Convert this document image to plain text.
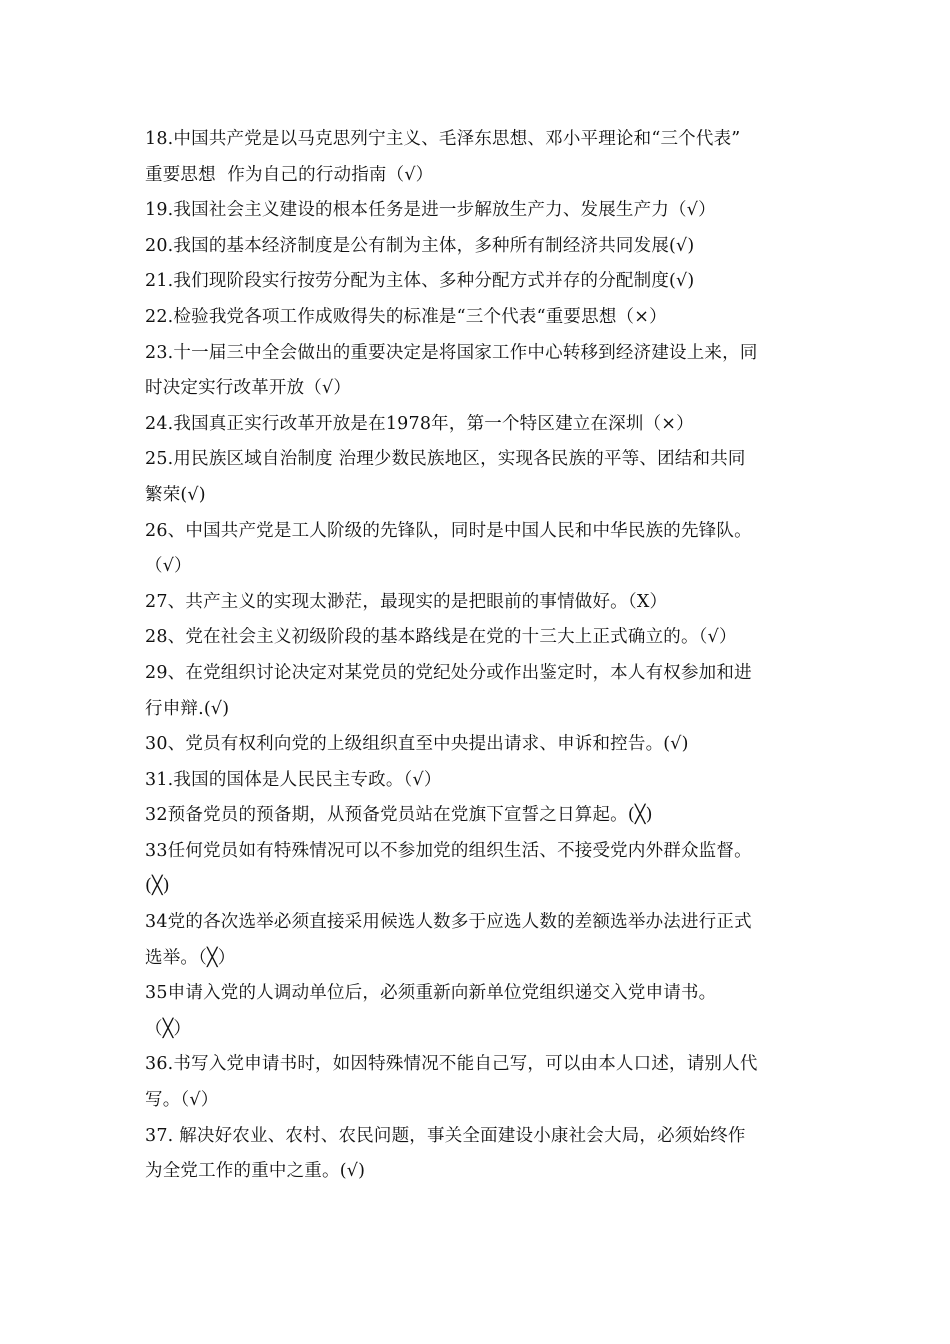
18.中国共产党是以马克思列宁主义、毛泽东思想、邓小平理论和“三个代表”
重要思想  作为自己的行动指南（√）
19.我国社会主义建设的根本任务是进一步解放生产力、发展生产力（√）
20.我国的基本经济制度是公有制为主体，多种所有制经济共同发展(√)
21.我们现阶段实行按劳分配为主体、多种分配方式并存的分配制度(√)
22.检验我党各项工作成败得失的标准是“三个代表“重要思想（×）
23.十一届三中全会做出的重要决定是将国家工作中心转移到经济建设上来，同
时决定实行改革开放（√）
24.我国真正实行改革开放是在1978年，第一个特区建立在深圳（×）
25.用民族区域自治制度 治理少数民族地区，实现各民族的平等、团结和共同
繁荣(√)
26、中国共产党是工人阶级的先锋队，同时是中国人民和中华民族的先锋队。
（√）
27、共产主义的实现太渺茫，最现实的是把眼前的事情做好。（X）
28、党在社会主义初级阶段的基本路线是在党的十三大上正式确立的。（√）
29、在党组织讨论决定对某党员的党纪处分或作出鉴定时，本人有权参加和进
行申辩.(√)
30、党员有权利向党的上级组织直至中央提出请求、申诉和控告。(√)
31.我国的国体是人民民主专政。（√）
32预备党员的预备期，从预备党员站在党旗下宣誓之日算起。(╳)
33任何党员如有特殊情况可以不参加党的组织生活、不接受党内外群众监督。
(╳)
34党的各次选举必须直接采用候选人数多于应选人数的差额选举办法进行正式
选举。（╳）
35申请入党的人调动单位后，必须重新向新单位党组织递交入党申请书。
（╳）
36.书写入党申请书时，如因特殊情况不能自己写，可以由本人口述，请别人代
写。（√）
37. 解决好农业、农村、农民问题，事关全面建设小康社会大局，必须始终作
为全党工作的重中之重。(√)
